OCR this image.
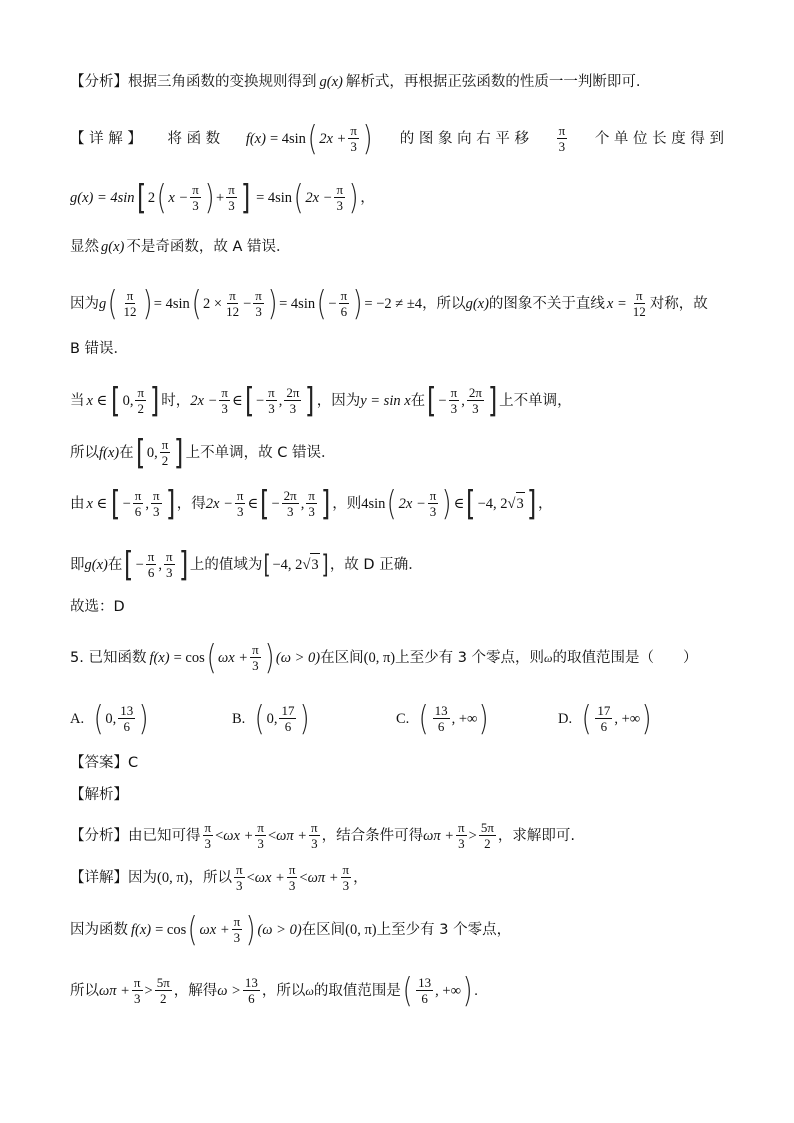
【分析】 根据三角函数的变换规则得到 g(x) 解析式，再根据正弦函数的性质一一判断即可.
【 详 解 】 将 函 数 f(x) = 4sin ( $2x + \frac{\pi}{3}$ ) 的 图 象 向 右 平 移 $\frac{\pi}{3}$ 个 单 位 长 度 得 到
g(x) = 4sin [ 2 ( $x - \frac{\pi}{3}$ ) + $\frac{\pi}{3}$ ] = 4sin ( $2x - \frac{\pi}{3}$ ) ，
显然 g(x) 不是奇函数，故 A 错误．
因为 g ( $\frac{\pi}{12}$ ) = 4sin ( $2 \times \frac{\pi}{12} - \frac{\pi}{3}$ ) = 4sin ( − $\frac{\pi}{6}$ ) = −2 ≠ ±4 ，所以 g(x) 的图象不关于直线 $x = \frac{\pi}{12}$ 对称，故
B 错误．
当 x ∈ [ 0, $\frac{\pi}{2}$ ] 时， $2x - \frac{\pi}{3}$ ∈ [ − $\frac{\pi}{3}$ , $\frac{2\pi}{3}$ ] ，因为 y = sin x 在 [ − $\frac{\pi}{3}$ , $\frac{2\pi}{3}$ ] 上不单调，
所以 f(x) 在 [ 0, $\frac{\pi}{2}$ ] 上不单调，故 C 错误．
由 x ∈ [ − $\frac{\pi}{6}$ , $\frac{\pi}{3}$ ] ，得 $2x - \frac{\pi}{3}$ ∈ [ − $\frac{2\pi}{3}$ , $\frac{\pi}{3}$ ] ，则 4sin ( $2x - \frac{\pi}{3}$ ) ∈ [ −4, 2 √ 3 ] ，
即 g(x) 在 [ − $\frac{\pi}{6}$ , $\frac{\pi}{3}$ ] 上的值域为 [ −4, 2 √ 3 ] ，故 D 正确．
故选：D
5. 已知函数 f(x) = cos ( $\omega x + \frac{\pi}{3}$ ) (ω > 0) 在区间 (0, π) 上至少有 3 个零点，则 ω 的取值范围是（　　）
A. ( 0, $\frac{13}{6}$ )	B. ( 0, $\frac{17}{6}$ )	C. ( $\frac{13}{6}$ , +∞ )	D. ( $\frac{17}{6}$ , +∞ )
【答案】C
【解析】
【分析】 由已知可得 $\frac{\pi}{3} < \omega x + \frac{\pi}{3} < \omega\pi + \frac{\pi}{3}$ ，结合条件可得 $\omega\pi + \frac{\pi}{3} > \frac{5\pi}{2}$ ，求解即可.
【详解】 因为 (0, π) ，所以 $\frac{\pi}{3} < \omega x + \frac{\pi}{3} < \omega\pi + \frac{\pi}{3}$ ，
因为函数 f(x) = cos ( $\omega x + \frac{\pi}{3}$ ) (ω > 0) 在区间 (0, π) 上至少有 3 个零点，
所以 $\omega\pi + \frac{\pi}{3} > \frac{5\pi}{2}$ ，解得 $\omega > \frac{13}{6}$ ，所以 ω 的取值范围是 ( $\frac{13}{6}$ , +∞ ) .
